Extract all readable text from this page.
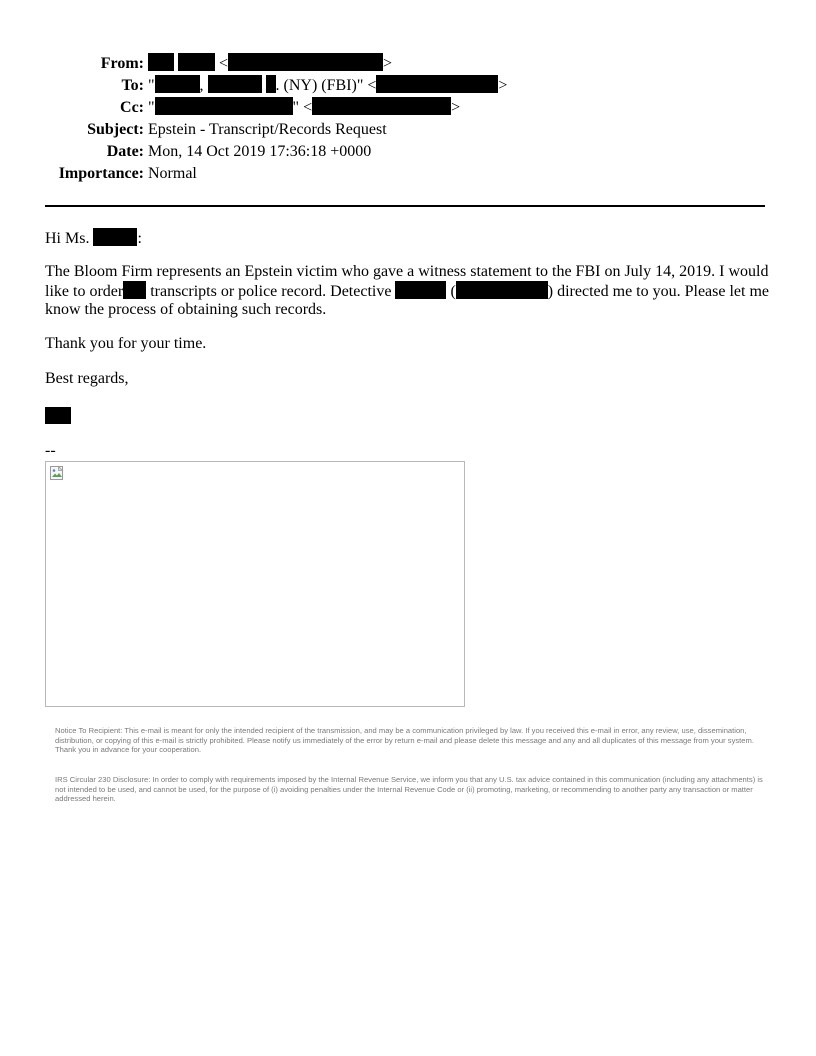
From:	<	>
To: "	,	. (NY) (FBI)" <	>
Cc: "	" <	>
Subject: Epstein - Transcript/Records Request
Date: Mon, 14 Oct 2019 17:36:18 +0000
Importance: Normal
Hi Ms.	:
The Bloom Firm represents an Epstein victim who gave a witness statement to the FBI on July 14, 2019. I would like to order transcripts or police record. Detective	(	) directed me to you. Please let me know the process of obtaining such records.
Thank you for your time.
Best regards,
--
Notice To Recipient: This e-mail is meant for only the intended recipient of the transmission, and may be a communication privileged by law. If you received this e-mail in error, any review, use, dissemination, distribution, or copying of this e-mail is strictly prohibited. Please notify us immediately of the error by return e-mail and please delete this message and any and all duplicates of this message from your system. Thank you in advance for your cooperation.
IRS Circular 230 Disclosure: In order to comply with requirements imposed by the Internal Revenue Service, we inform you that any U.S. tax advice contained in this communication (including any attachments) is not intended to be used, and cannot be used, for the purpose of (i) avoiding penalties under the Internal Revenue Code or (ii) promoting, marketing, or recommending to another party any transaction or matter addressed herein.
